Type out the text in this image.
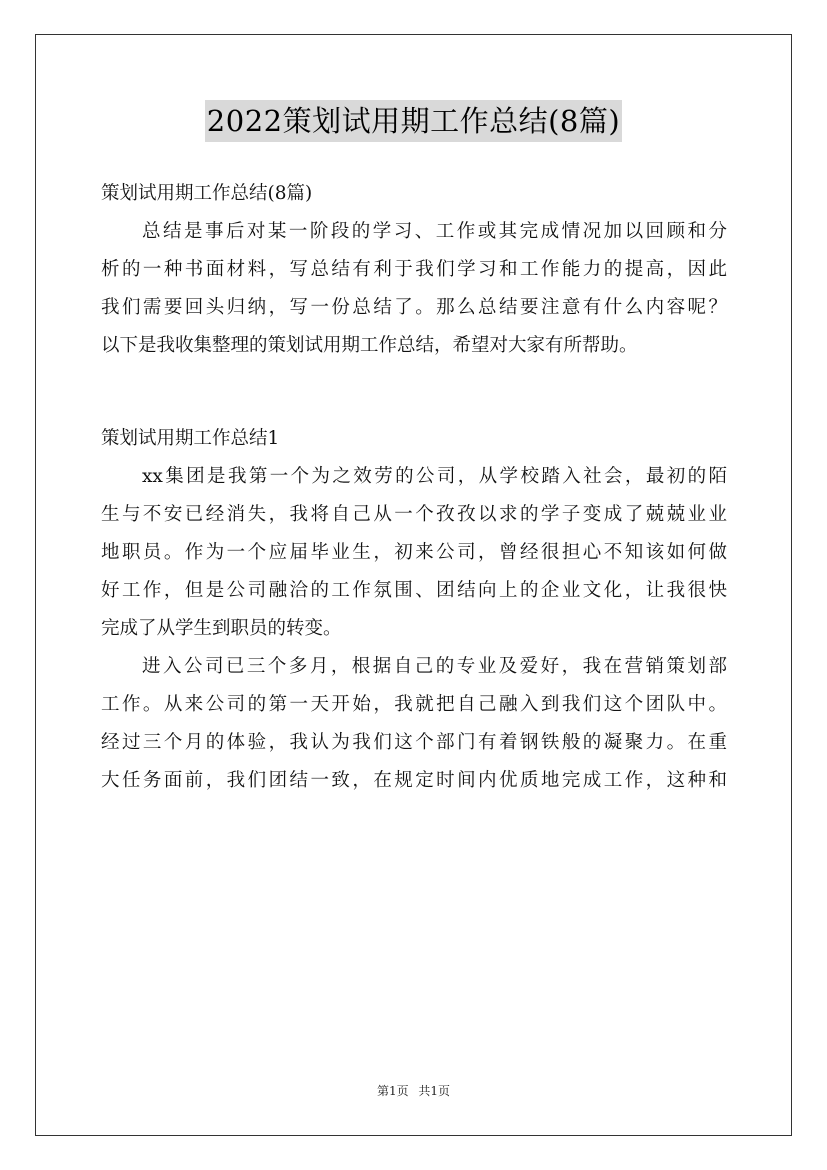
2022策划试用期工作总结(8篇)
策划试用期工作总结(8篇)
总结是事后对某一阶段的学习、工作或其完成情况加以回顾和分
析的一种书面材料，写总结有利于我们学习和工作能力的提高，因此
我们需要回头归纳，写一份总结了。那么总结要注意有什么内容呢？
以下是我收集整理的策划试用期工作总结，希望对大家有所帮助。
策划试用期工作总结1
xx集团是我第一个为之效劳的公司，从学校踏入社会，最初的陌
生与不安已经消失，我将自己从一个孜孜以求的学子变成了兢兢业业
地职员。作为一个应届毕业生，初来公司，曾经很担心不知该如何做
好工作，但是公司融洽的工作氛围、团结向上的企业文化，让我很快
完成了从学生到职员的转变。
进入公司已三个多月，根据自己的专业及爱好，我在营销策划部
工作。从来公司的第一天开始，我就把自己融入到我们这个团队中。
经过三个月的体验，我认为我们这个部门有着钢铁般的凝聚力。在重
大任务面前，我们团结一致，在规定时间内优质地完成工作，这种和
第1页 共1页
